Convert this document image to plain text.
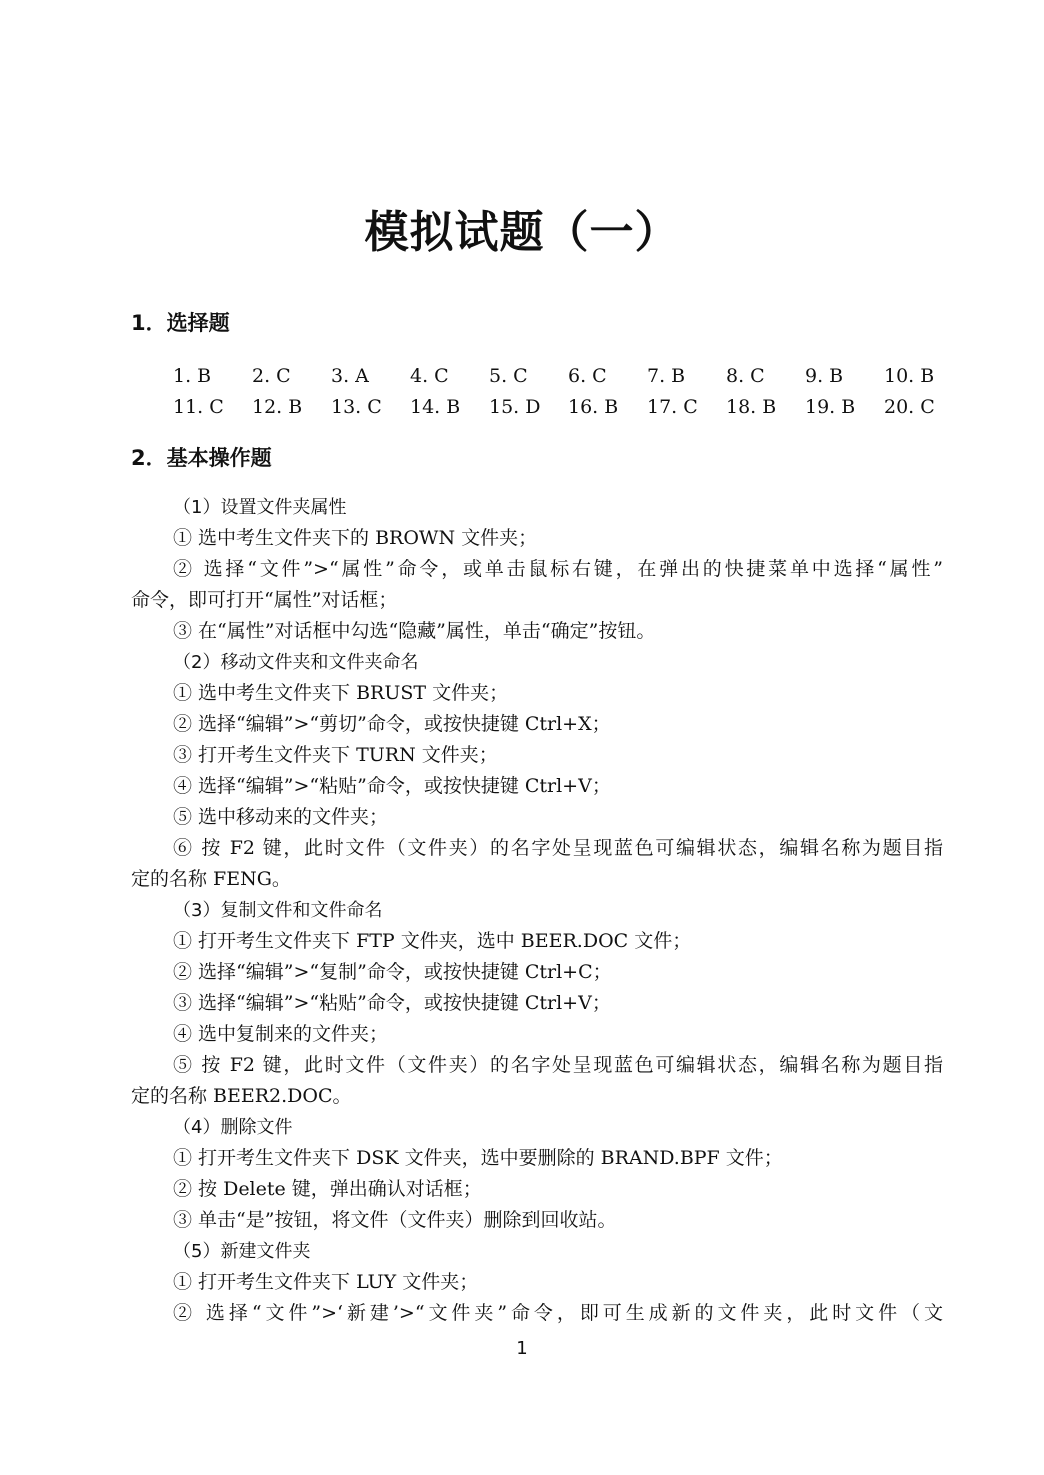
模拟试题（一）
1．选择题
1. B	2. C	3. A	4. C	5. C	6. C	7. B	8. C	9. B	10. B
11. C	12. B	13. C	14. B	15. D	16. B	17. C	18. B	19. B	20. C
2．基本操作题
（1）设置文件夹属性
① 选中考生文件夹下的 BROWN 文件夹；
② 选择“文件”>“属性”命令，或单击鼠标右键，在弹出的快捷菜单中选择“属性”
命令，即可打开“属性”对话框；
③ 在“属性”对话框中勾选“隐藏”属性，单击“确定”按钮。
（2）移动文件夹和文件夹命名
① 选中考生文件夹下 BRUST 文件夹；
② 选择“编辑”>“剪切”命令，或按快捷键 Ctrl+X；
③ 打开考生文件夹下 TURN 文件夹；
④ 选择“编辑”>“粘贴”命令，或按快捷键 Ctrl+V；
⑤ 选中移动来的文件夹；
⑥ 按 F2 键，此时文件（文件夹）的名字处呈现蓝色可编辑状态，编辑名称为题目指
定的名称 FENG。
（3）复制文件和文件命名
① 打开考生文件夹下 FTP 文件夹，选中 BEER.DOC 文件；
② 选择“编辑”>“复制”命令，或按快捷键 Ctrl+C；
③ 选择“编辑”>“粘贴”命令，或按快捷键 Ctrl+V；
④ 选中复制来的文件夹；
⑤ 按 F2 键，此时文件（文件夹）的名字处呈现蓝色可编辑状态，编辑名称为题目指
定的名称 BEER2.DOC。
（4）删除文件
① 打开考生文件夹下 DSK 文件夹，选中要删除的 BRAND.BPF 文件；
② 按 Delete 键，弹出确认对话框；
③ 单击“是”按钮，将文件（文件夹）删除到回收站。
（5）新建文件夹
① 打开考生文件夹下 LUY 文件夹；
② 选择“文件”>‘新建’>“文件夹”命令，即可生成新的文件夹，此时文件（文
1
